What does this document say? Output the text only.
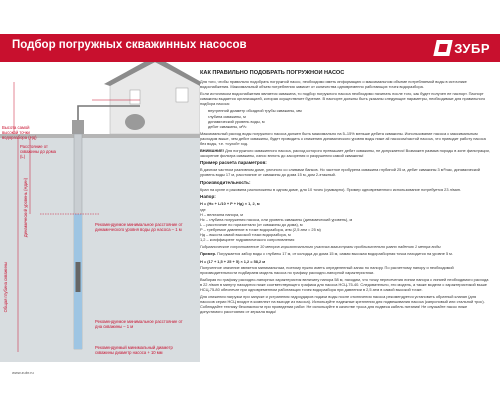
Подбор погружных скважинных насосов	ЗУБР
Высота самой высокой точки водоразбора (Hд)
Расстояние от скважины до дома (L)
Динамический уровень (Hдин)
Общая глубина скважины
Рекомендуемое минимальное расстояние от динамического уровня воды до насоса – 1 м
Рекомендуемое минимальное расстояние от дна скважины – 1 м
Рекомендуемый минимальный диаметр скважины диаметр насоса + 10 мм
КАК ПРАВИЛЬНО ПОДОБРАТЬ ПОГРУЖНОЙ НАСОС

Для того, чтобы правильно подобрать погружной насос, необходимо иметь информацию о максимальном объеме потребляемой воды в источнике водоснабжения. Максимальный объем потребления зависит от количества одновременно работающих точек водоразбора.

Если источником водоснабжения является скважина, то подбор погружного насоса необходимо начинать после того, как будет получен ее паспорт. Паспорт скважины выдается организацией, которая осуществляет бурение. В паспорте должны быть указаны следующие параметры, необходимые для правильного подбора насоса:

• внутренний диаметр обсадной трубы скважины, мм
• глубина скважины, м
• динамический уровень воды, м
• дебит скважины, м³/ч

Максимальный расход воды погружного насоса должен быть максимально на 5–15% меньше дебита скважины. Использование насоса с максимальным расходом выше, чем дебит скважины, будет приводить к снижению динамического уровня воды ниже all насосом/частой насоса, что приводит работу насоса без воды, т.е. «сухой» ход.

ВНИМАНИЕ! Для погружного скважинного насоса, расход которого превышает дебит скважины, не допускается! Возможен размыв породы в зоне фильтрации, засорение фильтра скважины, износ вплоть до засорения и разрушения самой скважины!

Пример расчета параметров:

В дачном частном разливном доме, уличного со сливами банков. Но частное пробурена скважина глубиной 25 м, дебит скважины 3 м³/час, динамический уровень воды 17 м, расстояние от скважины до дома 15 м, дом 2-этажный.

Производительность:

Кран на кухне и раковина расположены в одном доме, для 10 точек (суммарно). Пример одновременного использование потребуется 23 л/мин.

Напор:
H = (Hс + L/10 + P + Hд) × 1, 2, м
где
H – величина напора, м
Hс – глубина погружения насоса, или уровень скважины (динамический уровень), м
L – расстояние по горизонтали (от скважины до дома), м
P – требуемое давление в точке водоразбора, атм (2,5 атм = 25 м)
Hд – высота самой высокой точки водоразбора, м
1,2 – коэффициент гидравлического сопротивления

Гидравлическое сопротивление 10 метров горизонтального участка магистрали приблизительно равно падению 1 метра воды

Пример. Погружается забор воды с глубины 17 м, от колодца до дома 15 м, самая высокая водоразборная точка находится на уровне 5 м.

H = (17 + 1,5 + 25 + 5) × 1,2 = 58,2 м

Полученное значение является минимальным, поэтому нужно иметь определенный запас по напору. По расчетному напору и необходимой производительности подбираем модель насоса по графику расходно-напорной характеристики.

Выбирая по графику расходно-напорных характеристик величину напора 58 м, находим, что точку пересечения линии напора с линией необходимого расхода в 22 л/мин в минуту находится ниже соответствующего графика для насоса НСЦ-75-40. Следовательно, это модель, а также модели с характеристикой выше НСЦ-75-80 обеспечат при одновременном работающих точек водоразбора при давлении в 2,5 атм в самой высокой точке.

Для снижения нагрузки при запуске и устранения гидроударов подачи воды после отключения насоса рекомендуется установить обратный клапан (для насосов серии НСЦ входит в комплект на выходе из насоса). Используйте надежные крепления для подвешивания насоса (капроновый или стальной трос). Соблюдайте технику безопасности при проведении работ. Не используйте в качестве троса для подвеса кабель питания! Не опускайте насос ниже допустимого расстояния от зеркала воды!

www.zubr.ru
